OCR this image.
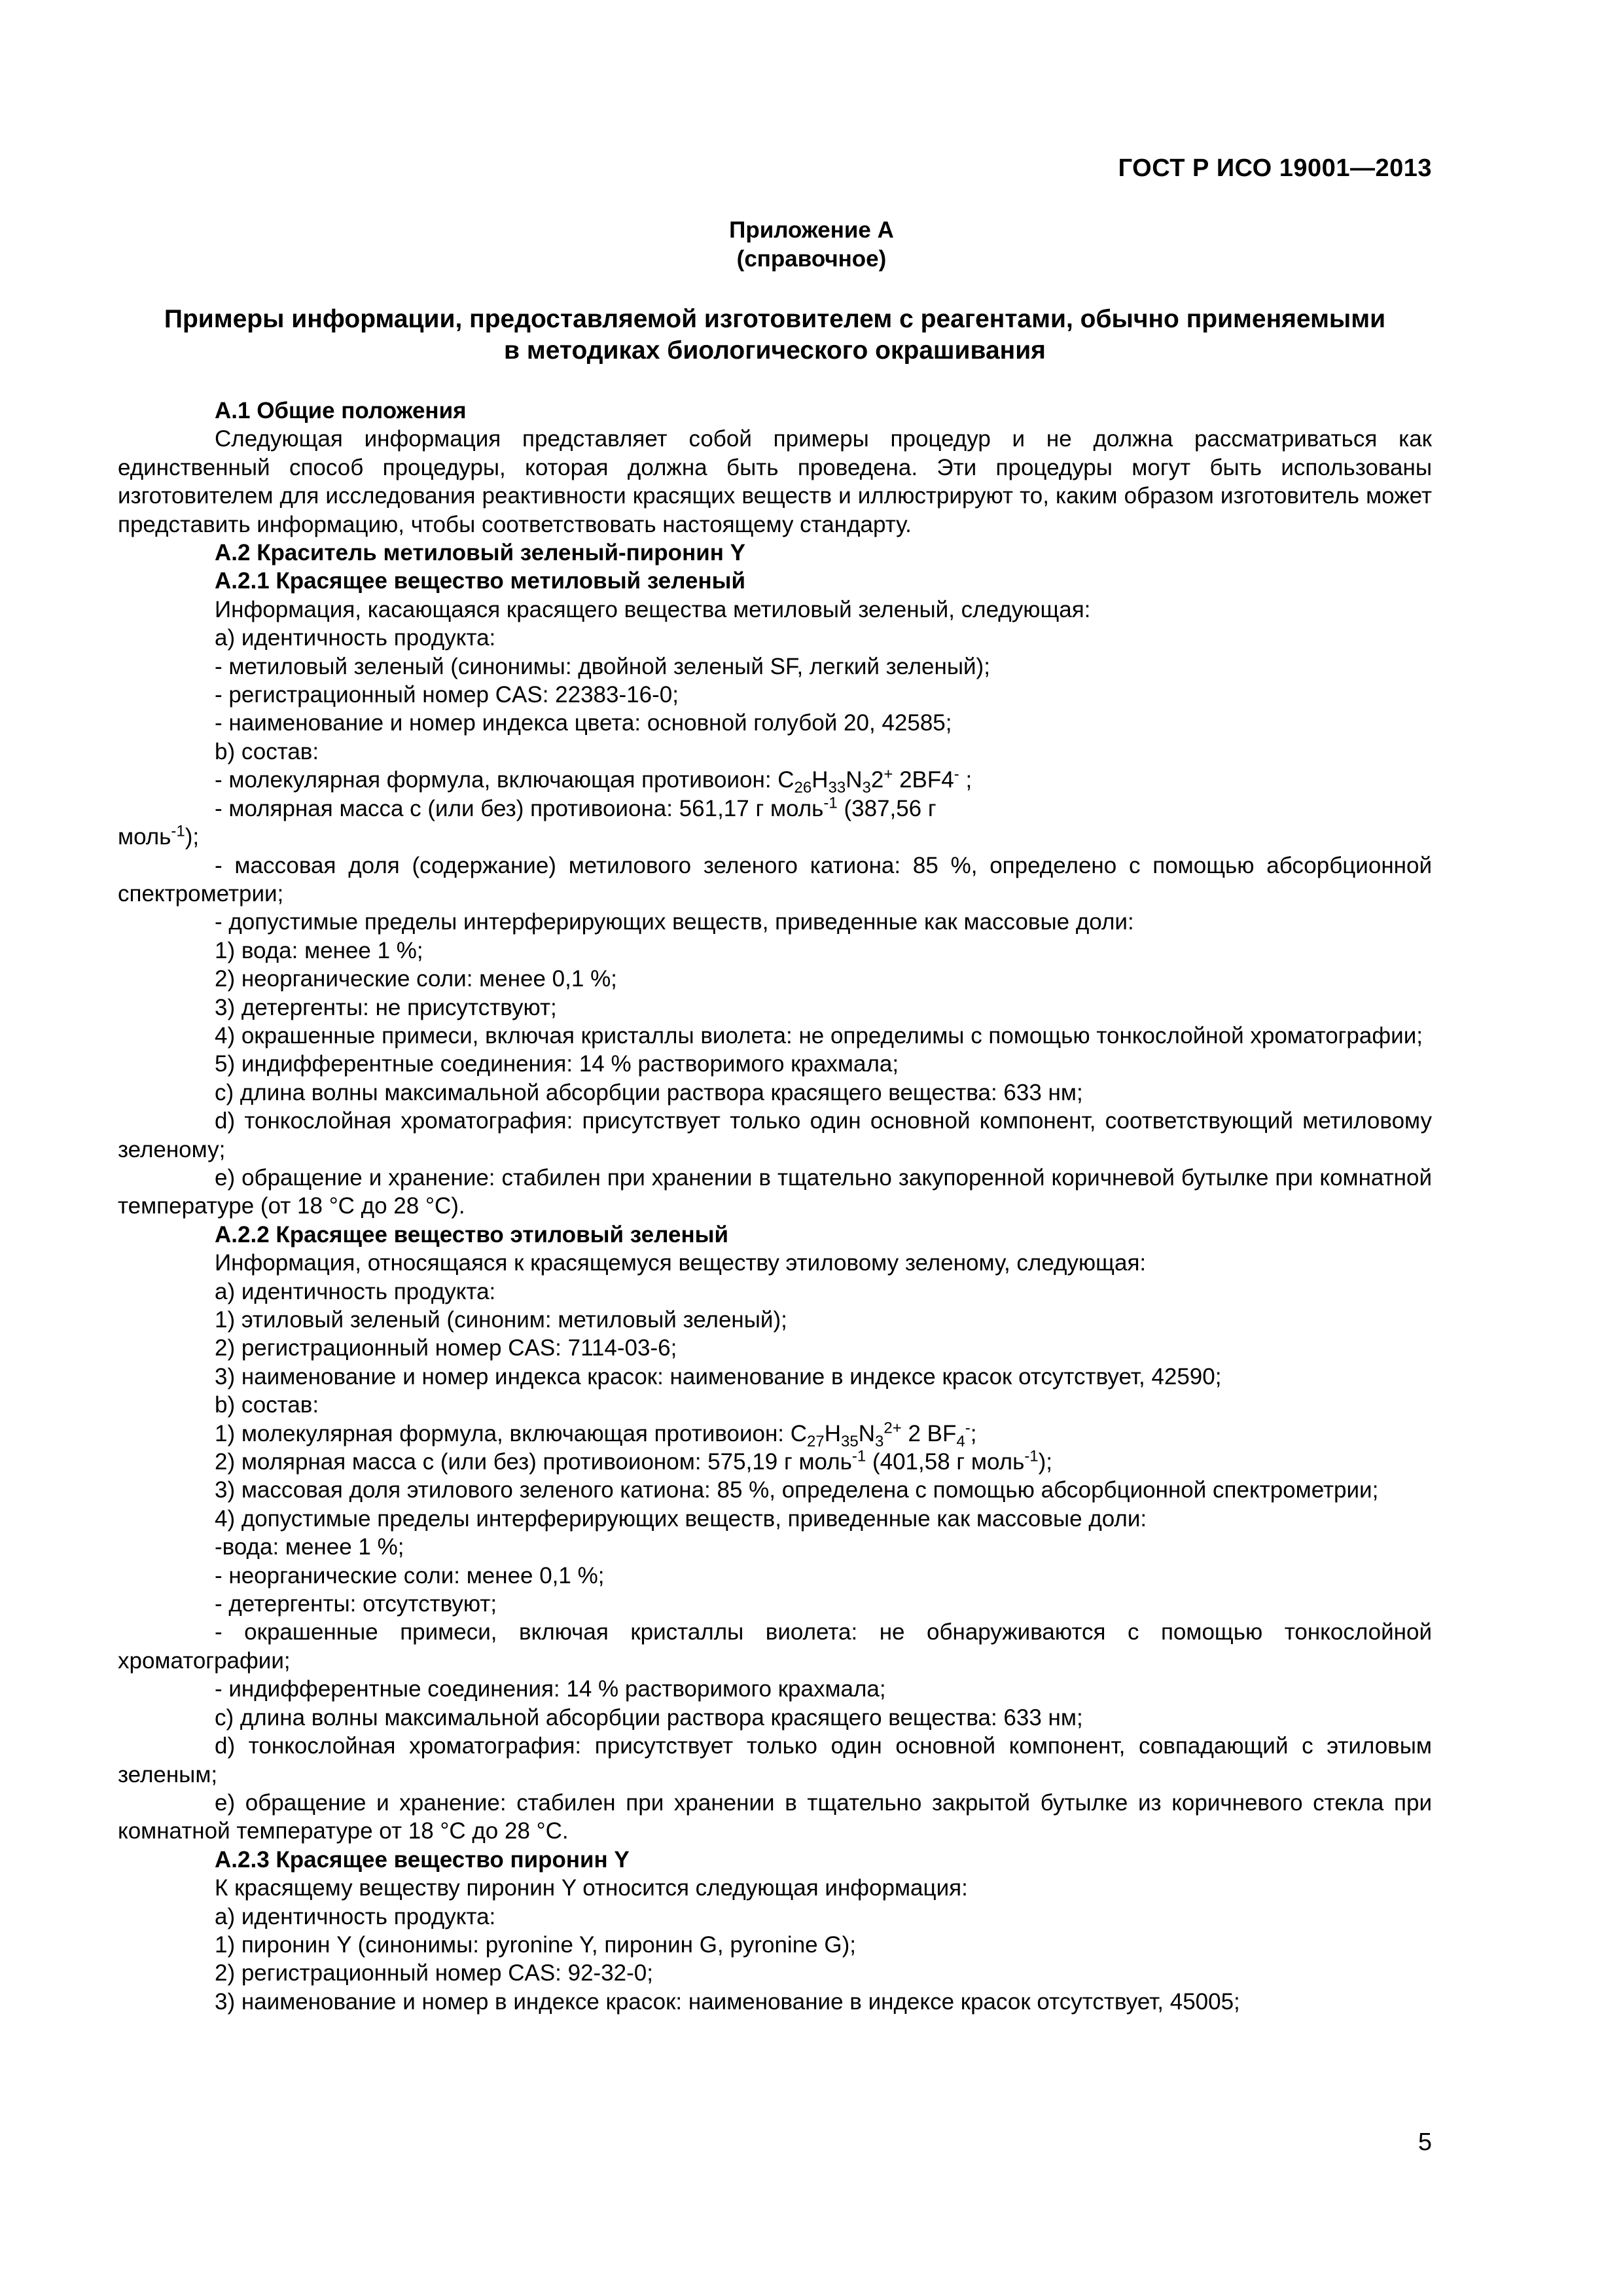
ГОСТ Р ИСО 19001—2013
Приложение А
(справочное)
Примеры информации, предоставляемой изготовителем с реагентами, обычно применяемыми
в методиках биологического окрашивания

А.1 Общие положения

Следующая информация представляет собой примеры процедур и не должна рассматриваться как единственный способ процедуры, которая должна быть проведена. Эти процедуры могут быть использованы изготовителем для исследования реактивности красящих веществ и иллюстрируют то, каким образом изготовитель может представить информацию, чтобы соответствовать настоящему стандарту.

А.2 Краситель метиловый зеленый-пиронин Y

А.2.1 Красящее вещество метиловый зеленый

Информация, касающаяся красящего вещества метиловый зеленый, следующая:

а) идентичность продукта:

- метиловый зеленый (синонимы: двойной зеленый SF, легкий зеленый);

- регистрационный номер CAS: 22383-16-0;

- наименование и номер индекса цвета: основной голубой 20, 42585;

b) состав:

- молекулярная формула, включающая противоион: $C_{26}H_{33}N_32^+$ 2BF4- ;

- молярная масса с (или без) противоиона: 561,17 г моль$^{-1}$ (387,56 г

моль$^{-1}$);

- массовая доля (содержание) метилового зеленого катиона: 85 %, определено с помощью абсорбционной спектрометрии;

- допустимые пределы интерферирующих веществ, приведенные как массовые доли:

1) вода: менее 1 %;

2) неорганические соли: менее 0,1 %;

3) детергенты: не присутствуют;

4) окрашенные примеси, включая кристаллы виолета: не определимы с помощью тонкослойной хроматографии;

5) индифферентные соединения: 14 % растворимого крахмала;

с) длина волны максимальной абсорбции раствора красящего вещества: 633 нм;

d) тонкослойная хроматография: присутствует только один основной компонент, соответствующий метиловому зеленому;

е) обращение и хранение: стабилен при хранении в тщательно закупоренной коричневой бутылке при комнатной температуре (от 18 °С до 28 °С).

А.2.2 Красящее вещество этиловый зеленый

Информация, относящаяся к красящемуся веществу этиловому зеленому, следующая:

а) идентичность продукта:

1) этиловый зеленый (синоним: метиловый зеленый);

2) регистрационный номер CAS: 7114-03-6;

3) наименование и номер индекса красок: наименование в индексе красок отсутствует, 42590;

b) состав:

1) молекулярная формула, включающая противоион: $C_{27}H_{35}N_3^{2+}$ 2 $BF_4^-$;

2) молярная масса с (или без) противоионом: 575,19 г моль$^{-1}$ (401,58 г моль$^{-1}$);

3) массовая доля этилового зеленого катиона: 85 %, определена с помощью абсорбционной спектрометрии;

4) допустимые пределы интерферирующих веществ, приведенные как массовые доли:

-вода: менее 1 %;

- неорганические соли: менее 0,1 %;

- детергенты: отсутствуют;

- окрашенные примеси, включая кристаллы виолета: не обнаруживаются с помощью тонкослойной хроматографии;

- индифферентные соединения: 14 % растворимого крахмала;

с) длина волны максимальной абсорбции раствора красящего вещества: 633 нм;

d) тонкослойная хроматография: присутствует только один основной компонент, совпадающий с этиловым зеленым;

е) обращение и хранение: стабилен при хранении в тщательно закрытой бутылке из коричневого стекла при комнатной температуре от 18 °С до 28 °С.

А.2.3 Красящее вещество пиронин Y

К красящему веществу пиронин Y относится следующая информация:

а) идентичность продукта:

1) пиронин Y (синонимы: pyronine Y, пиронин G, pyronine G);

2) регистрационный номер CAS: 92-32-0;

3) наименование и номер в индексе красок: наименование в индексе красок отсутствует, 45005;

5
